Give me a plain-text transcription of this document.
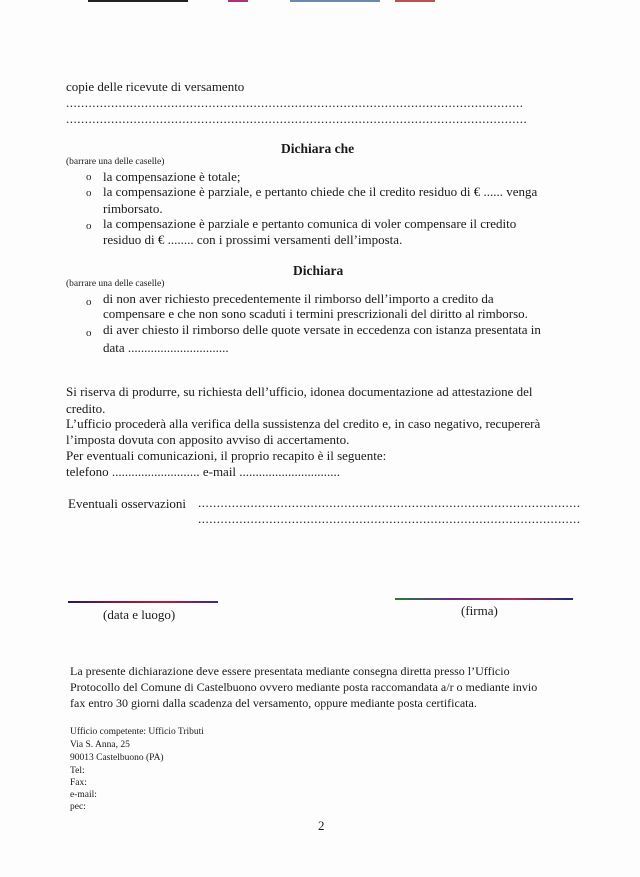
copie delle ricevute di versamento
..........................................................................................................................
...........................................................................................................................
Dichiara che
(barrare una delle caselle)
o la compensazione è totale;
o la compensazione è parziale, e pertanto chiede che il credito residuo di € ...... venga
rimborsato.
o la compensazione è parziale e pertanto comunica di voler compensare il credito
residuo di € ........ con i prossimi versamenti dell’imposta.
Dichiara
(barrare una delle caselle)
o di non aver richiesto precedentemente il rimborso dell’importo a credito da
compensare e che non sono scaduti i termini prescrizionali del diritto al rimborso.
o di aver chiesto il rimborso delle quote versate in eccedenza con istanza presentata in
data ...............................
Si riserva di produrre, su richiesta dell’ufficio, idonea documentazione ad attestazione del
credito.
L’ufficio procederà alla verifica della sussistenza del credito e, in caso negativo, recupererà
l’imposta dovuta con apposito avviso di accertamento.
Per eventuali comunicazioni, il proprio recapito è il seguente:
telefono ........................... e-mail ...............................
Eventuali osservazioni ......................................................................................................
......................................................................................................
(data e luogo)	(firma)
La presente dichiarazione deve essere presentata mediante consegna diretta presso l’Ufficio
Protocollo del Comune di Castelbuono ovvero mediante posta raccomandata a/r o mediante invio
fax entro 30 giorni dalla scadenza del versamento, oppure mediante posta certificata.
Ufficio competente: Ufficio Tributi
Via S. Anna, 25
90013 Castelbuono (PA)
Tel:
Fax:
e-mail:
pec:
2
